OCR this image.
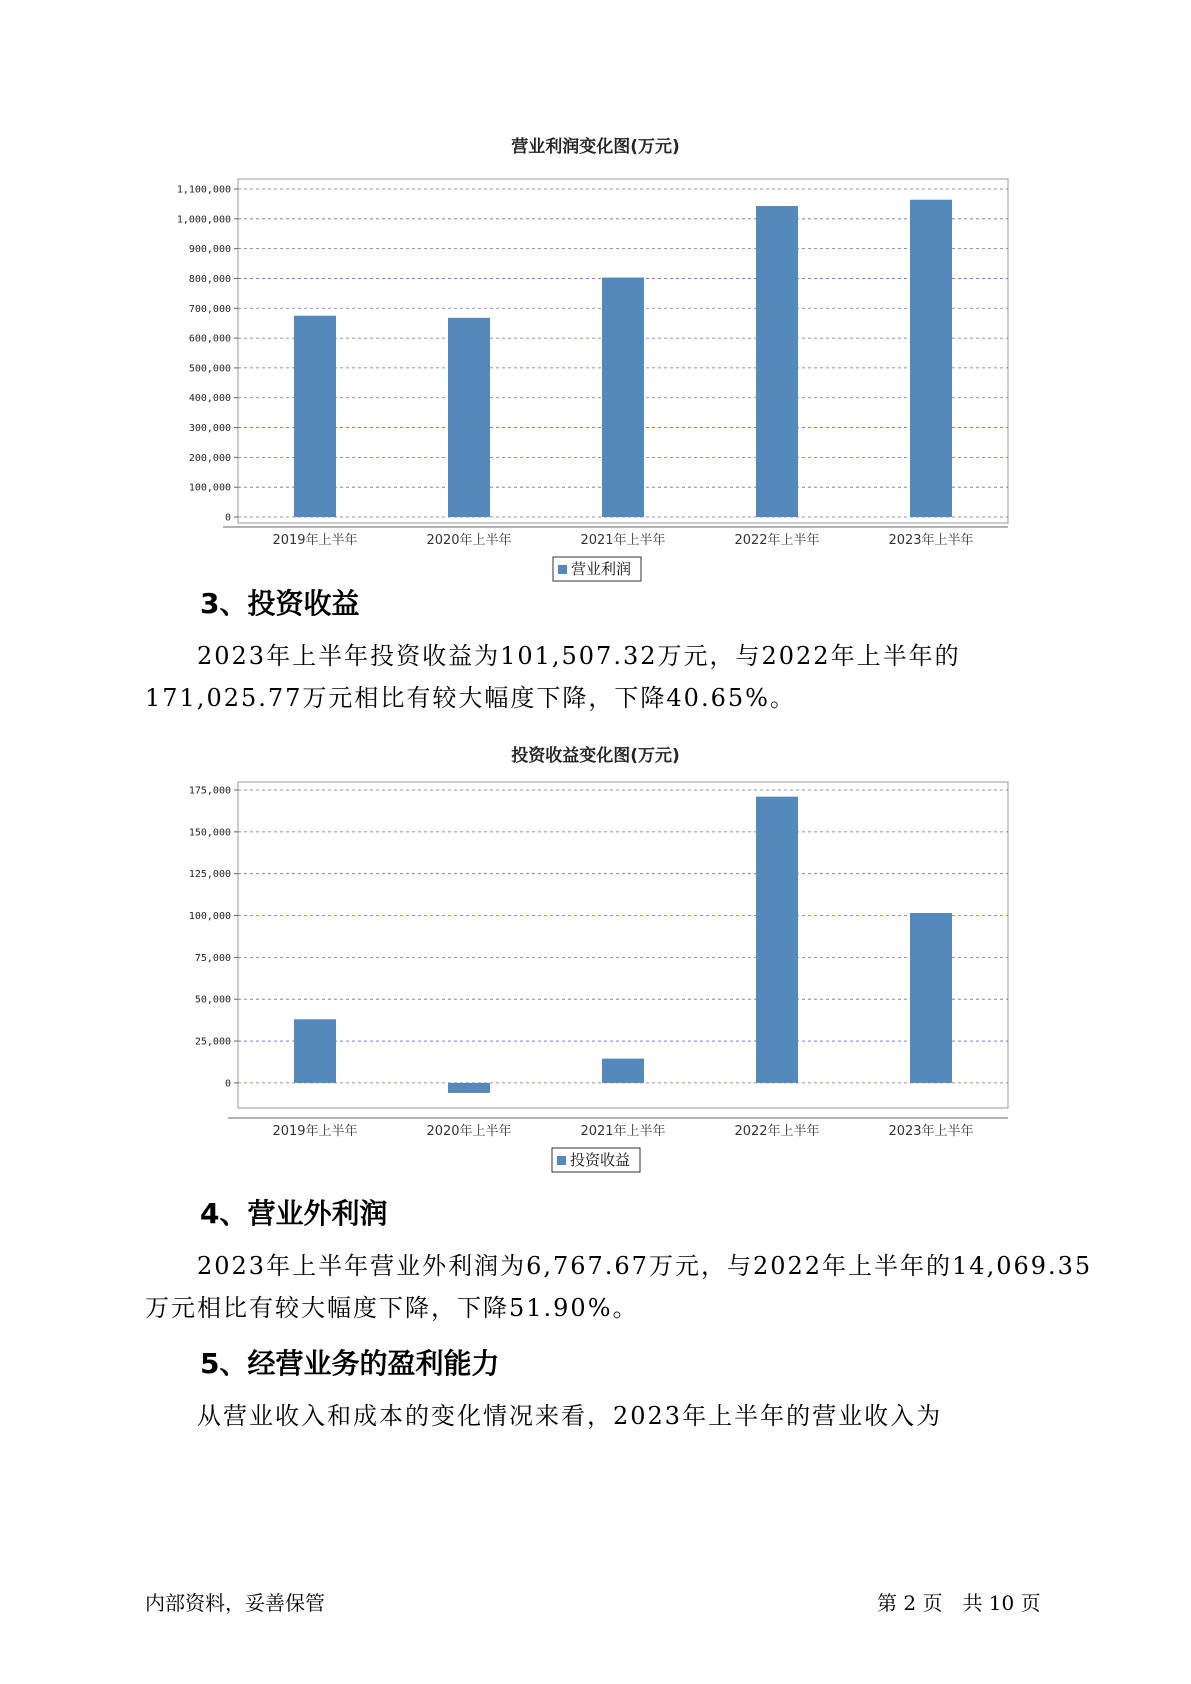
营业利润变化图(万元)
0
100,000
200,000
300,000
400,000
500,000
600,000
700,000
800,000
900,000
1,000,000
1,100,000
2019年上半年	2020年上半年	2021年上半年	2022年上半年	2023年上半年
营业利润
3、投资收益
2023年上半年投资收益为101,507.32万元，与2022年上半年的
171,025.77万元相比有较大幅度下降，下降40.65%。
投资收益变化图(万元)
0
25,000
50,000
75,000
100,000
125,000
150,000
175,000
2019年上半年	2020年上半年	2021年上半年	2022年上半年	2023年上半年
投资收益
4、营业外利润
2023年上半年营业外利润为6,767.67万元，与2022年上半年的14,069.35
万元相比有较大幅度下降，下降51.90%。
5、经营业务的盈利能力
从营业收入和成本的变化情况来看，2023年上半年的营业收入为
内部资料，妥善保管	第 2 页　共 10 页
